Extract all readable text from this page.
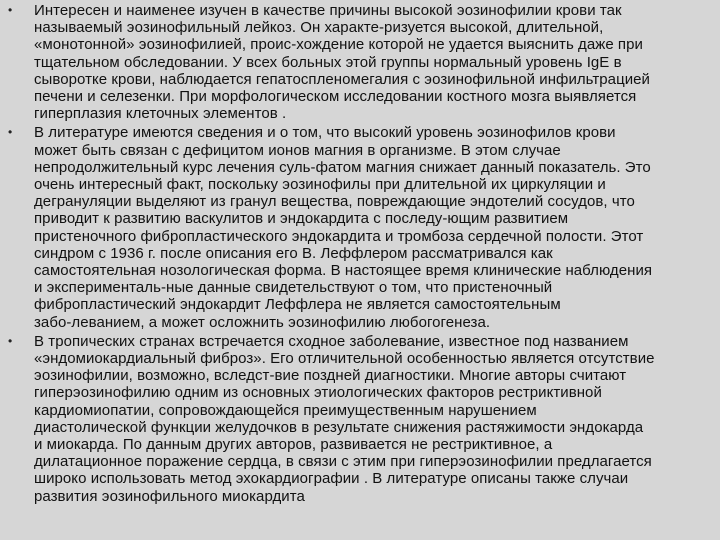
• Интересен и наименее изучен в качестве причины высокой эозинофилии крови так
называемый эозинофильный лейкоз. Он характе-ризуется высокой, длительной,
«монотонной» эозинофилией, проис-хождение которой не удается выяснить даже при
тщательном обследовании. У всех больных этой группы нормальный уровень IgE в
сыворотке крови, наблюдается гепатоспленомегалия с эозинофильной инфильтрацией
печени и селезенки. При морфологическом исследовании костного мозга выявляется
гиперплазия клеточных элементов .
• В литературе имеются сведения и о том, что высокий уровень эозинофилов крови
может быть связан с дефицитом ионов магния в организме. В этом случае
непродолжительный курс лечения суль-фатом магния снижает данный показатель. Это
очень интересный факт, поскольку эозинофилы при длительной их циркуляции и
дегрануляции выделяют из гранул вещества, повреждающие эндотелий сосудов, что
приводит к развитию васкулитов и эндокардита с последу-ющим развитием
пристеночного фибропластического эндокардита и тромбоза сердечной полости. Этот
синдром с 1936 г. после описания его В. Леффлером рассматривался как
самостоятельная нозологическая форма. В настоящее время клинические наблюдения
и эксперименталь-ные данные свидетельствуют о том, что пристеночный
фибропластический эндокардит Леффлера не является самостоятельным
забо-леванием, а может осложнить эозинофилию любогогенеза.
• В тропических странах встречается сходное заболевание, известное под названием
«эндомиокардиальный фиброз». Его отличительной особенностью является отсутствие
эозинофилии, возможно, вследст-вие поздней диагностики. Многие авторы считают
гиперэозинофилию одним из основных этиологических факторов рестриктивной
кардиомиопатии, сопровождающейся преимущественным нарушением
диастолической функции желудочков в результате снижения растяжимости эндокарда
и миокарда. По данным других авторов, развивается не рестриктивное, а
дилатационное поражение сердца, в связи с этим при гиперэозинофилии предлагается
широко использовать метод эхокардиографии . В литературе описаны также случаи
развития эозинофильного миокардита
